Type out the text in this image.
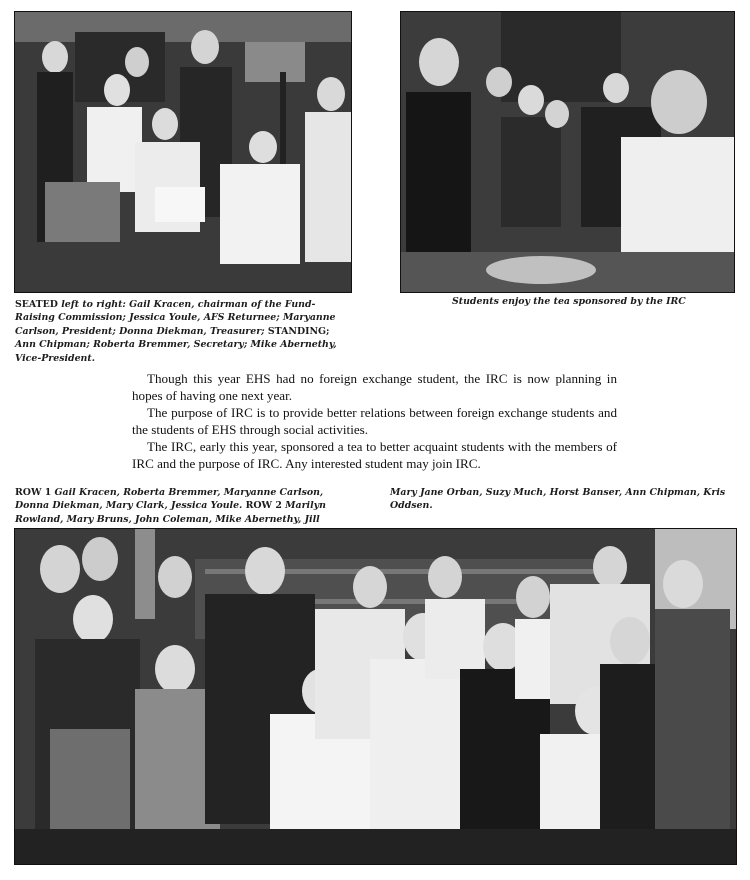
SEATED left to right: Gail Kracen, chairman of the Fund-Raising Commission; Jessica Youle, AFS Returnee; Maryanne Carlson, President; Donna Diekman, Treasurer; STANDING; Ann Chipman; Roberta Bremmer, Secretary; Mike Abernethy, Vice-President.
Students enjoy the tea sponsored by the IRC

Though this year EHS had no foreign exchange student, the IRC is now planning in hopes of having one next year.

The purpose of IRC is to provide better relations between foreign exchange students and the students of EHS through social activities.

The IRC, early this year, sponsored a tea to better acquaint students with the members of IRC and the purpose of IRC. Any interested student may join IRC.

ROW 1 Gail Kracen, Roberta Bremmer, Maryanne Carlson, Donna Diekman, Mary Clark, Jessica Youle. ROW 2 Marilyn Rowland, Mary Bruns, John Coleman, Mike Abernethy, Jill
Mary Jane Orban, Suzy Much, Horst Banser, Ann Chipman, Kris Oddsen.
